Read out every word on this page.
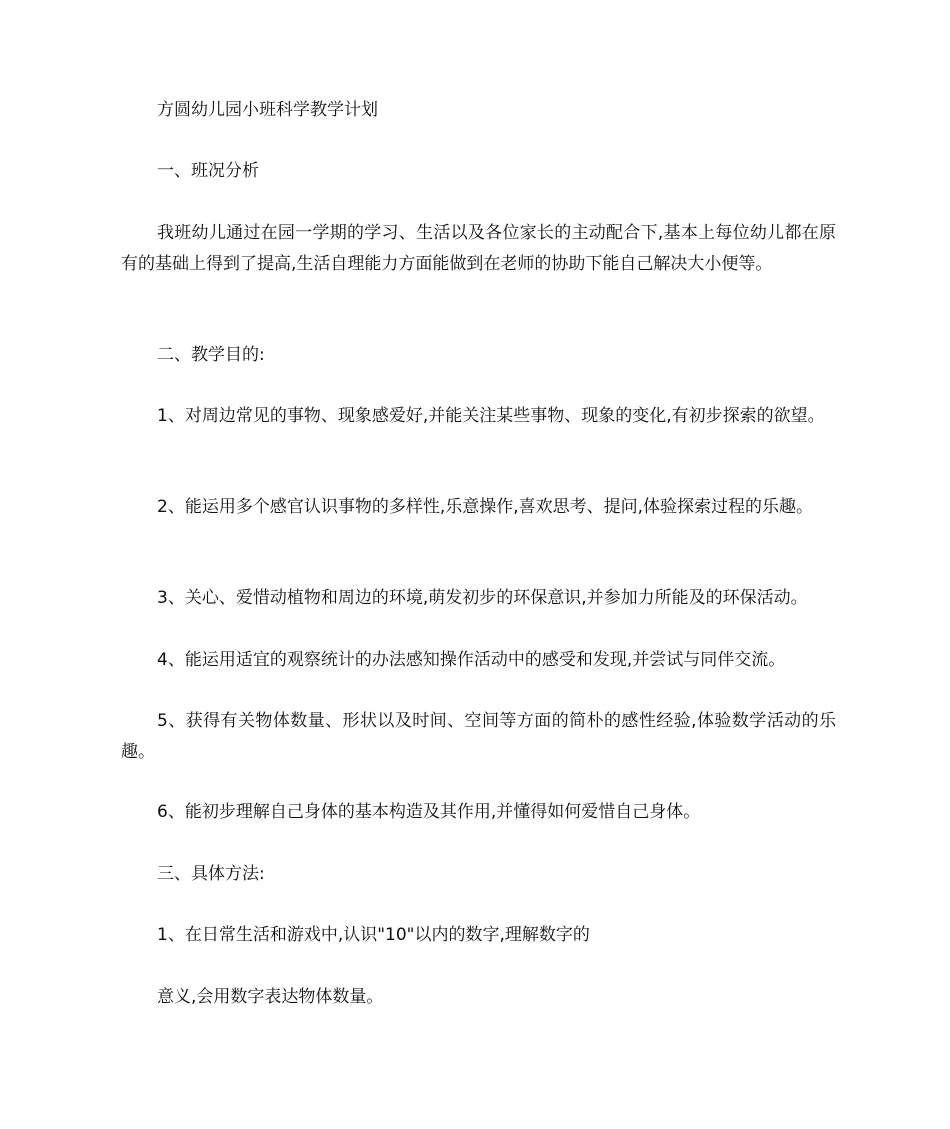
方圆幼儿园小班科学教学计划

一、班况分析

我班幼儿通过在园一学期的学习、生活以及各位家长的主动配合下,基本上每位幼儿都在原有的基础上得到了提高,生活自理能力方面能做到在老师的协助下能自己解决大小便等。

二、教学目的:

1、对周边常见的事物、现象感爱好,并能关注某些事物、现象的变化,有初步探索的欲望。

2、能运用多个感官认识事物的多样性,乐意操作,喜欢思考、提问,体验探索过程的乐趣。

3、关心、爱惜动植物和周边的环境,萌发初步的环保意识,并参加力所能及的环保活动。

4、能运用适宜的观察统计的办法感知操作活动中的感受和发现,并尝试与同伴交流。

5、获得有关物体数量、形状以及时间、空间等方面的简朴的感性经验,体验数学活动的乐趣。

6、能初步理解自己身体的基本构造及其作用,并懂得如何爱惜自己身体。

三、具体方法:

1、在日常生活和游戏中,认识"10"以内的数字,理解数字的

意义,会用数字表达物体数量。
